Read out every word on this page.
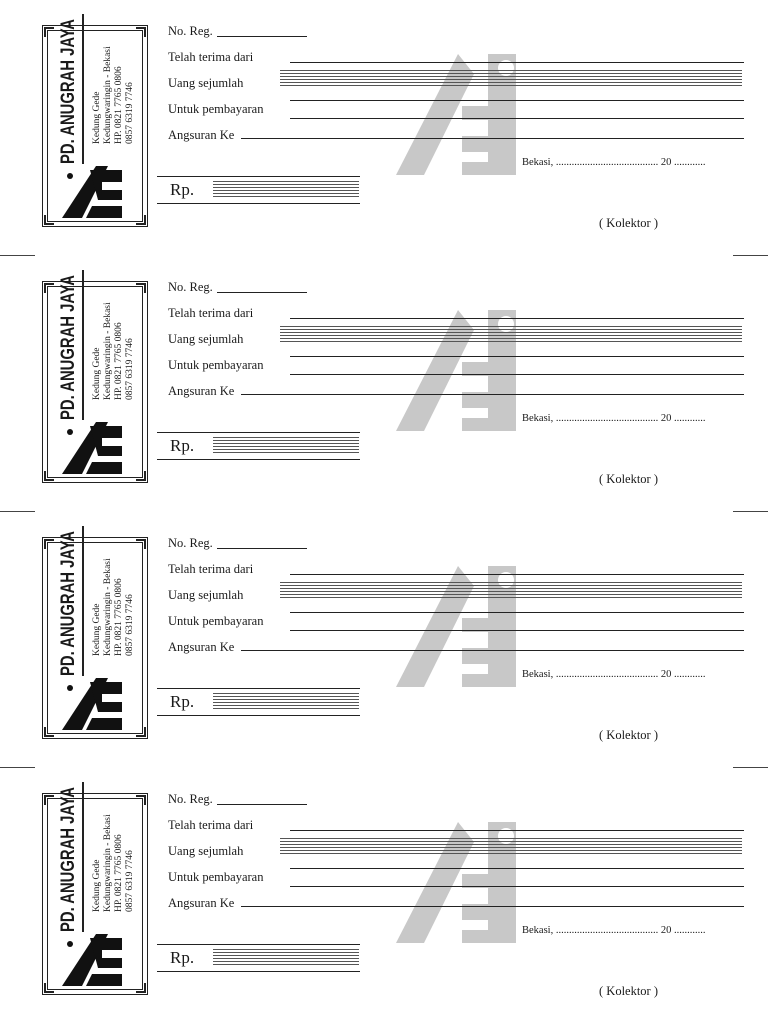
PD. ANUGRAH JAYA Kedung Gede Kedungwaringin - Bekasi HP. 0821 7765 0806 0857 6319 7746
No. Reg.
Telah terima dari
Uang sejumlah
Untuk pembayaran
Angsuran Ke
Bekasi, ....................................... 20 ............
Rp.
( Kolektor )
PD. ANUGRAH JAYA Kedung Gede Kedungwaringin - Bekasi HP. 0821 7765 0806 0857 6319 7746
No. Reg.
Telah terima dari
Uang sejumlah
Untuk pembayaran
Angsuran Ke
Bekasi, ....................................... 20 ............
Rp.
( Kolektor )
PD. ANUGRAH JAYA Kedung Gede Kedungwaringin - Bekasi HP. 0821 7765 0806 0857 6319 7746
No. Reg.
Telah terima dari
Uang sejumlah
Untuk pembayaran
Angsuran Ke
Bekasi, ....................................... 20 ............
Rp.
( Kolektor )
PD. ANUGRAH JAYA Kedung Gede Kedungwaringin - Bekasi HP. 0821 7765 0806 0857 6319 7746
No. Reg.
Telah terima dari
Uang sejumlah
Untuk pembayaran
Angsuran Ke
Bekasi, ....................................... 20 ............
Rp.
( Kolektor )
